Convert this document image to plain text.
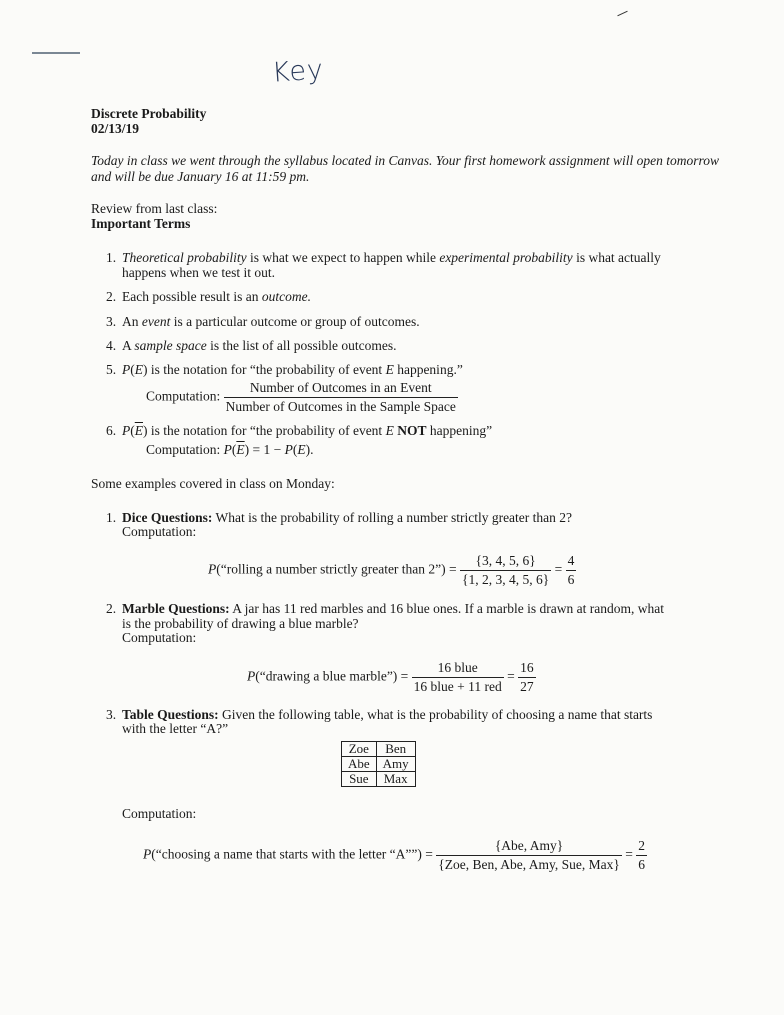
Key
Discrete Probability
02/13/19
Today in class we went through the syllabus located in Canvas. Your first homework assignment will open tomorrow
and will be due January 16 at 11:59 pm.
Review from last class:
Important Terms
1. Theoretical probability is what we expect to happen while experimental probability is what actually
happens when we test it out.
2. Each possible result is an outcome.
3. An event is a particular outcome or group of outcomes.
4. A sample space is the list of all possible outcomes.
5. P(E) is the notation for “the probability of event E happening.”
Computation: $\frac{\text{Number of Outcomes in an Event}}{\text{Number of Outcomes in the Sample Space}}$
6. $P(\overline{E})$ is the notation for “the probability of event E NOT happening”
Computation: $P(\overline{E}) = 1 - P(E)$.
Some examples covered in class on Monday:
1. Dice Questions: What is the probability of rolling a number strictly greater than 2?
Computation:
P(“rolling a number strictly greater than 2”) = $\frac{\{3, 4, 5, 6\}}{\{1, 2, 3, 4, 5, 6\}} = \frac{4}{6}$
2. Marble Questions: A jar has 11 red marbles and 16 blue ones. If a marble is drawn at random, what
is the probability of drawing a blue marble?
Computation:
P(“drawing a blue marble”) = $\frac{\text{16 blue}}{\text{16 blue + 11 red}} = \frac{16}{27}$
3. Table Questions: Given the following table, what is the probability of choosing a name that starts
with the letter “A?”
Zoe	Ben
Abe	Amy
Sue	Max
Computation:
P(“choosing a name that starts with the letter “A””) = $\frac{\text{\{Abe, Amy\}}}{\text{\{Zoe, Ben, Abe, Amy, Sue, Max\}}} = \frac{2}{6}$
